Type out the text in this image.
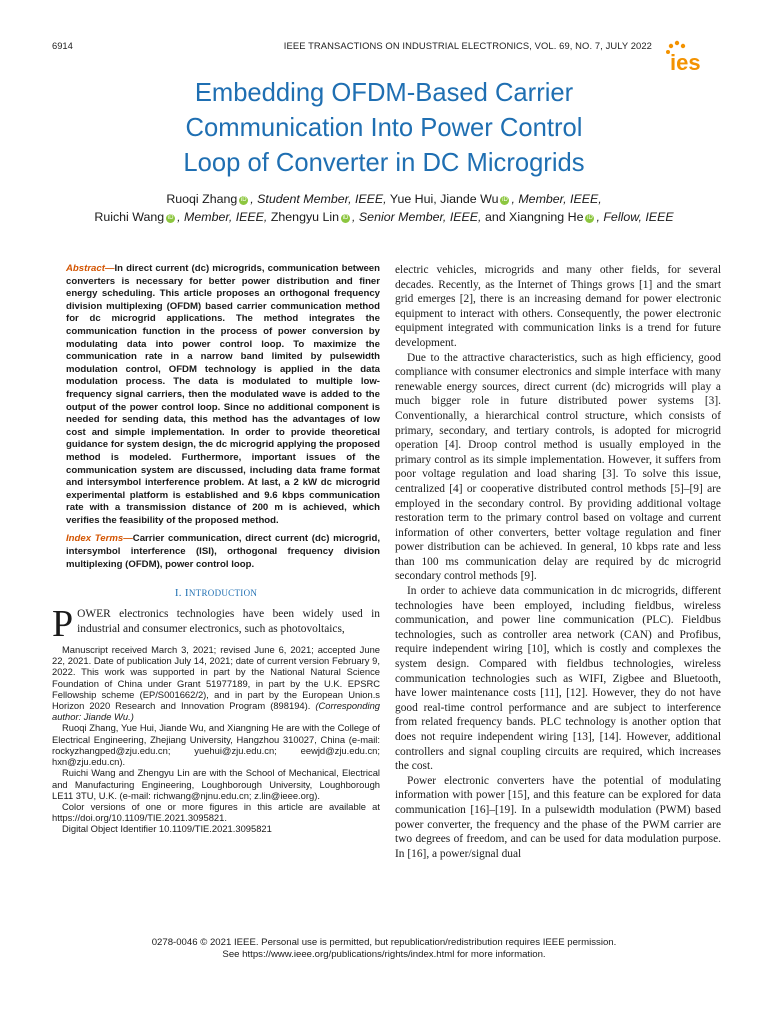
6914	IEEE TRANSACTIONS ON INDUSTRIAL ELECTRONICS, VOL. 69, NO. 7, JULY 2022
ies
Embedding OFDM-Based Carrier
Communication Into Power Control
Loop of Converter in DC Microgrids
Ruoqi Zhang iD , Student Member, IEEE, Yue Hui, Jiande Wu iD , Member, IEEE,
Ruichi Wang iD , Member, IEEE, Zhengyu Lin iD , Senior Member, IEEE, and Xiangning He iD , Fellow, IEEE

Abstract—In direct current (dc) microgrids, communication between converters is necessary for better power distribution and finer energy scheduling. This article proposes an orthogonal frequency division multiplexing (OFDM) based carrier communication method for dc microgrid applications. The method integrates the communication function in the process of power conversion by modulating data into power control loop. To maximize the communication rate in a narrow band limited by pulsewidth modulation control, OFDM technology is applied in the data modulation process. The data is modulated to multiple low-frequency signal carriers, then the modulated wave is added to the output of the power control loop. Since no additional component is needed for sending data, this method has the advantages of low cost and simple implementation. In order to provide theoretical guidance for system design, the dc microgrid applying the proposed method is modeled. Furthermore, important issues of the communication system are discussed, including data frame format and intersymbol interference problem. At last, a 2 kW dc microgrid experimental platform is established and 9.6 kbps communication rate with a transmission distance of 200 m is achieved, which verifies the feasibility of the proposed method.

Index Terms—Carrier communication, direct current (dc) microgrid, intersymbol interference (ISI), orthogonal frequency division multiplexing (OFDM), power control loop.

I. INTRODUCTION

POWER electronics technologies have been widely used in industrial and consumer electronics, such as photovoltaics,

Manuscript received March 3, 2021; revised June 6, 2021; accepted June 22, 2021. Date of publication July 14, 2021; date of current version February 9, 2022. This work was supported in part by the National Natural Science Foundation of China under Grant 51977189, in part by the U.K. EPSRC Fellowship scheme (EP/S001662/2), and in part by the European Union.s Horizon 2020 Research and Innovation Program (898194). (Corresponding author: Jiande Wu.)

Ruoqi Zhang, Yue Hui, Jiande Wu, and Xiangning He are with the College of Electrical Engineering, Zhejiang University, Hangzhou 310027, China (e-mail: rockyzhangped@zju.edu.cn; yuehui@zju.edu.cn; eewjd@zju.edu.cn; hxn@zju.edu.cn).

Ruichi Wang and Zhengyu Lin are with the School of Mechanical, Electrical and Manufacturing Engineering, Loughborough University, Loughborough LE11 3TU, U.K. (e-mail: richwang@njnu.edu.cn; z.lin@ieee.org).

Color versions of one or more figures in this article are available at https://doi.org/10.1109/TIE.2021.3095821.

Digital Object Identifier 10.1109/TIE.2021.3095821

electric vehicles, microgrids and many other fields, for several decades. Recently, as the Internet of Things grows [1] and the smart grid emerges [2], there is an increasing demand for power electronic equipment to interact with others. Consequently, the power electronic equipment integrated with communication links is a trend for future development.

Due to the attractive characteristics, such as high efficiency, good compliance with consumer electronics and simple interface with many renewable energy sources, direct current (dc) microgrids will play a much bigger role in future distributed power systems [3]. Conventionally, a hierarchical control structure, which consists of primary, secondary, and tertiary controls, is adopted for microgrid operation [4]. Droop control method is usually employed in the primary control as its simple implementation. However, it suffers from poor voltage regulation and load sharing [3]. To solve this issue, centralized [4] or cooperative distributed control methods [5]–[9] are employed in the secondary control. By providing additional voltage restoration term to the primary control based on voltage and current information of other converters, better voltage regulation and finer power distribution can be achieved. In general, 10 kbps rate and less than 100 ms communication delay are required by dc microgrid secondary control methods [9].

In order to achieve data communication in dc microgrids, different technologies have been employed, including fieldbus, wireless communication, and power line communication (PLC). Fieldbus technologies, such as controller area network (CAN) and Profibus, require independent wiring [10], which is costly and complexes the system design. Compared with fieldbus technologies, wireless communication technologies such as WIFI, Zigbee and Bluetooth, have lower maintenance costs [11], [12]. However, they do not have good real-time control performance and are subject to interference from related frequency bands. PLC technology is another option that does not require independent wiring [13], [14]. However, additional controllers and signal coupling circuits are required, which increases the cost.

Power electronic converters have the potential of modulating information with power [15], and this feature can be explored for data communication [16]–[19]. In a pulsewidth modulation (PWM) based power converter, the frequency and the phase of the PWM carrier are two degrees of freedom, and can be used for data modulation purpose. In [16], a power/signal dual

0278-0046 © 2021 IEEE. Personal use is permitted, but republication/redistribution requires IEEE permission.
See https://www.ieee.org/publications/rights/index.html for more information.
